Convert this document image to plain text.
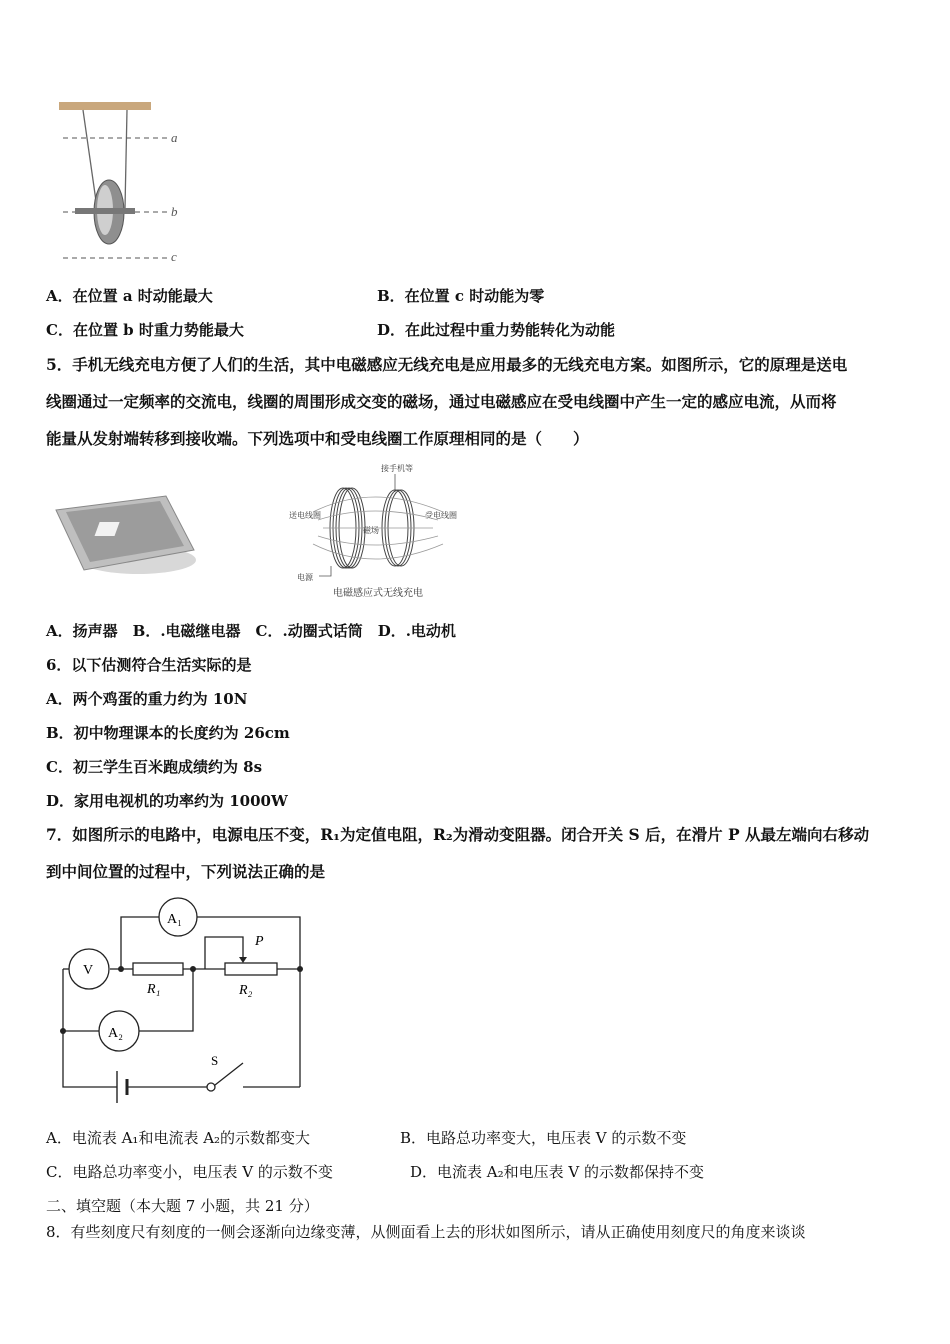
a
b
c
A．在位置 a 时动能最大	B．在位置 c 时动能为零
C．在位置 b 时重力势能最大	D．在此过程中重力势能转化为动能
5．手机无线充电方便了人们的生活，其中电磁感应无线充电是应用最多的无线充电方案。如图所示，它的原理是送电
线圈通过一定频率的交流电，线圈的周围形成交变的磁场，通过电磁感应在受电线圈中产生一定的感应电流，从而将
能量从发射端转移到接收端。下列选项中和受电线圈工作原理相同的是（　　）
接手机等
送电线圈	受电线圈
磁场
电源
电磁感应式无线充电
A．扬声器　B．.电磁继电器　C．.动圈式话筒　D．.电动机
6．以下估测符合生活实际的是
A．两个鸡蛋的重力约为 10N
B．初中物理课本的长度约为 26cm
C．初三学生百米跑成绩约为 8s
D．家用电视机的功率约为 1000W
7．如图所示的电路中，电源电压不变，R₁为定值电阻，R₂为滑动变阻器。闭合开关 S 后，在滑片 P 从最左端向右移动
到中间位置的过程中，下列说法正确的是
A₁
V
R₁
P
R₂
A₂
S
A．电流表 A₁和电流表 A₂的示数都变大	B．电路总功率变大，电压表 V 的示数不变
C．电路总功率变小，电压表 V 的示数不变	D．电流表 A₂和电压表 V 的示数都保持不变
二、填空题（本大题 7 小题，共 21 分）
8．有些刻度尺有刻度的一侧会逐渐向边缘变薄，从侧面看上去的形状如图所示，请从正确使用刻度尺的角度来谈谈
